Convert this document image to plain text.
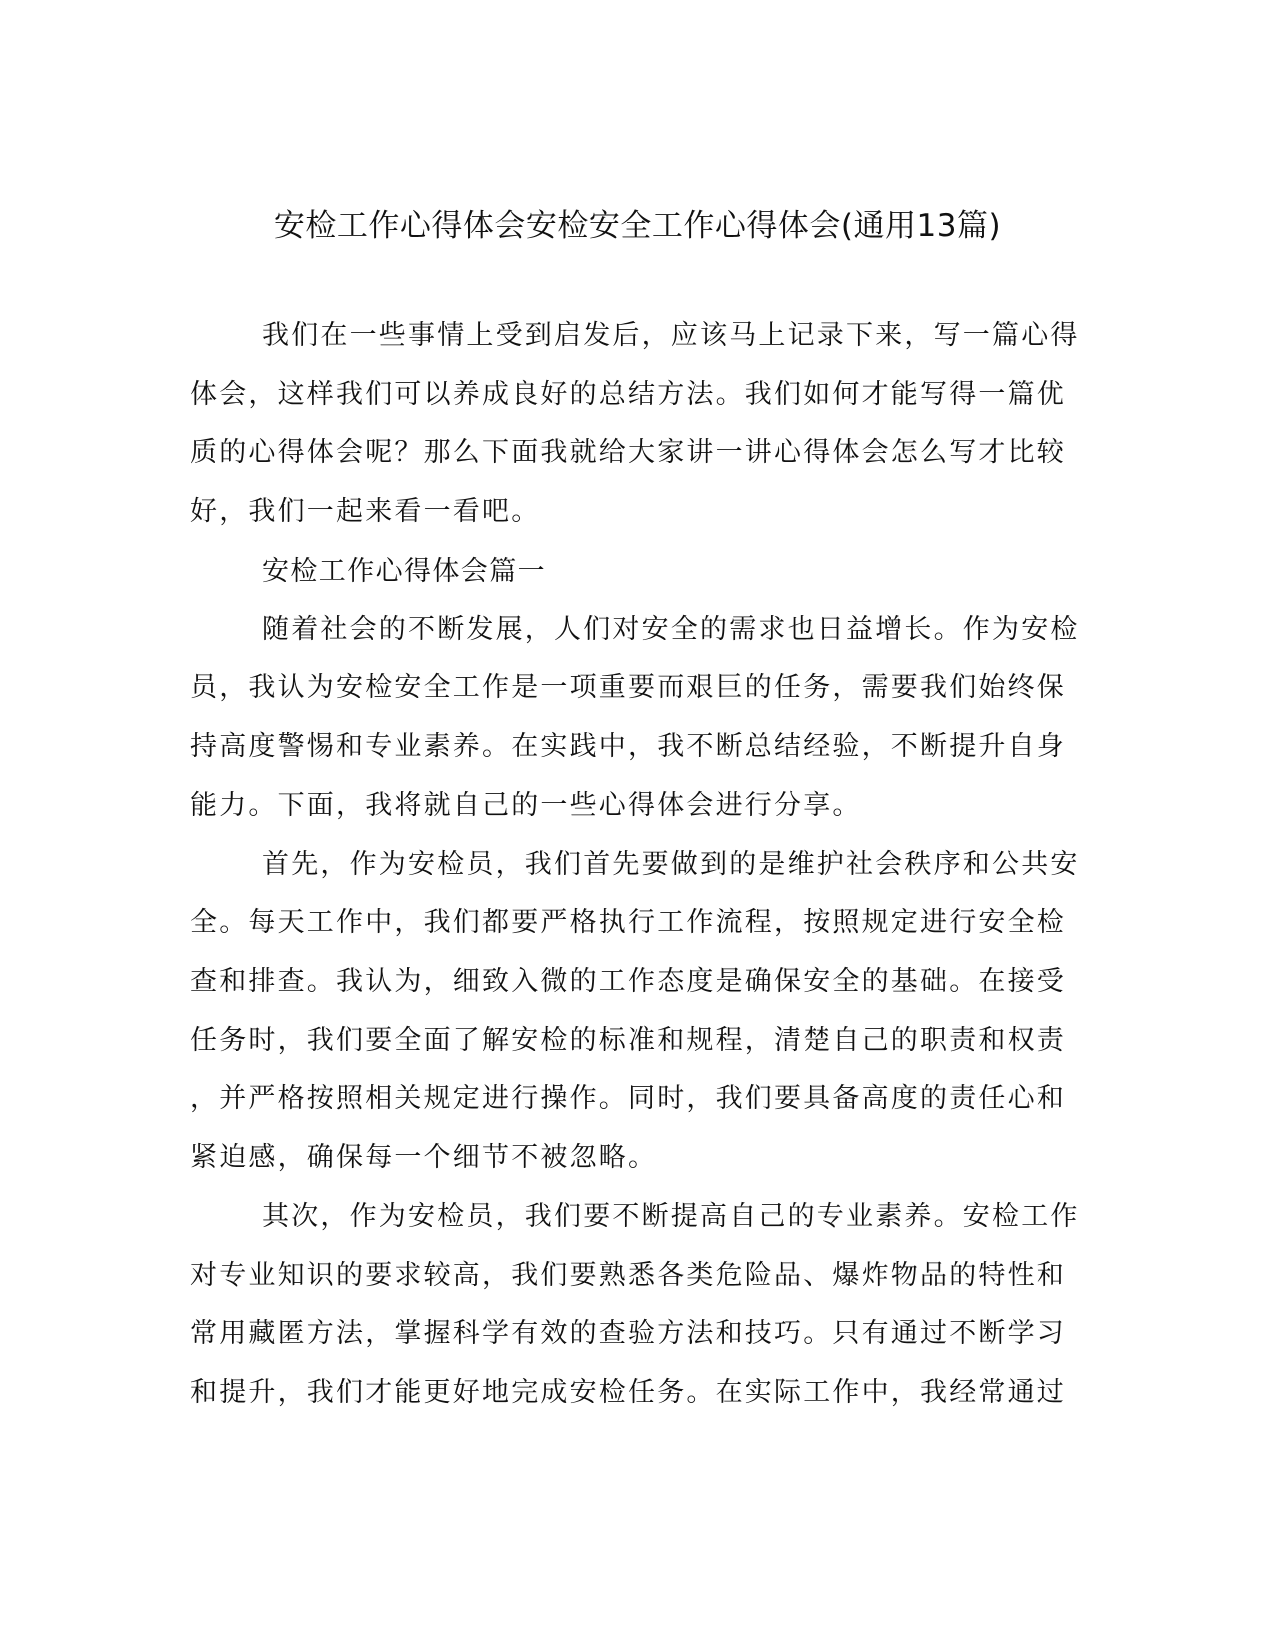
安检工作心得体会安检安全工作心得体会(通用13篇)

我们在一些事情上受到启发后，应该马上记录下来，写一篇心得

体会，这样我们可以养成良好的总结方法。我们如何才能写得一篇优

质的心得体会呢？那么下面我就给大家讲一讲心得体会怎么写才比较

好，我们一起来看一看吧。

安检工作心得体会篇一

随着社会的不断发展，人们对安全的需求也日益增长。作为安检

员，我认为安检安全工作是一项重要而艰巨的任务，需要我们始终保

持高度警惕和专业素养。在实践中，我不断总结经验，不断提升自身

能力。下面，我将就自己的一些心得体会进行分享。

首先，作为安检员，我们首先要做到的是维护社会秩序和公共安

全。每天工作中，我们都要严格执行工作流程，按照规定进行安全检

查和排查。我认为，细致入微的工作态度是确保安全的基础。在接受

任务时，我们要全面了解安检的标准和规程，清楚自己的职责和权责

，并严格按照相关规定进行操作。同时，我们要具备高度的责任心和

紧迫感，确保每一个细节不被忽略。

其次，作为安检员，我们要不断提高自己的专业素养。安检工作

对专业知识的要求较高，我们要熟悉各类危险品、爆炸物品的特性和

常用藏匿方法，掌握科学有效的查验方法和技巧。只有通过不断学习

和提升，我们才能更好地完成安检任务。在实际工作中，我经常通过
